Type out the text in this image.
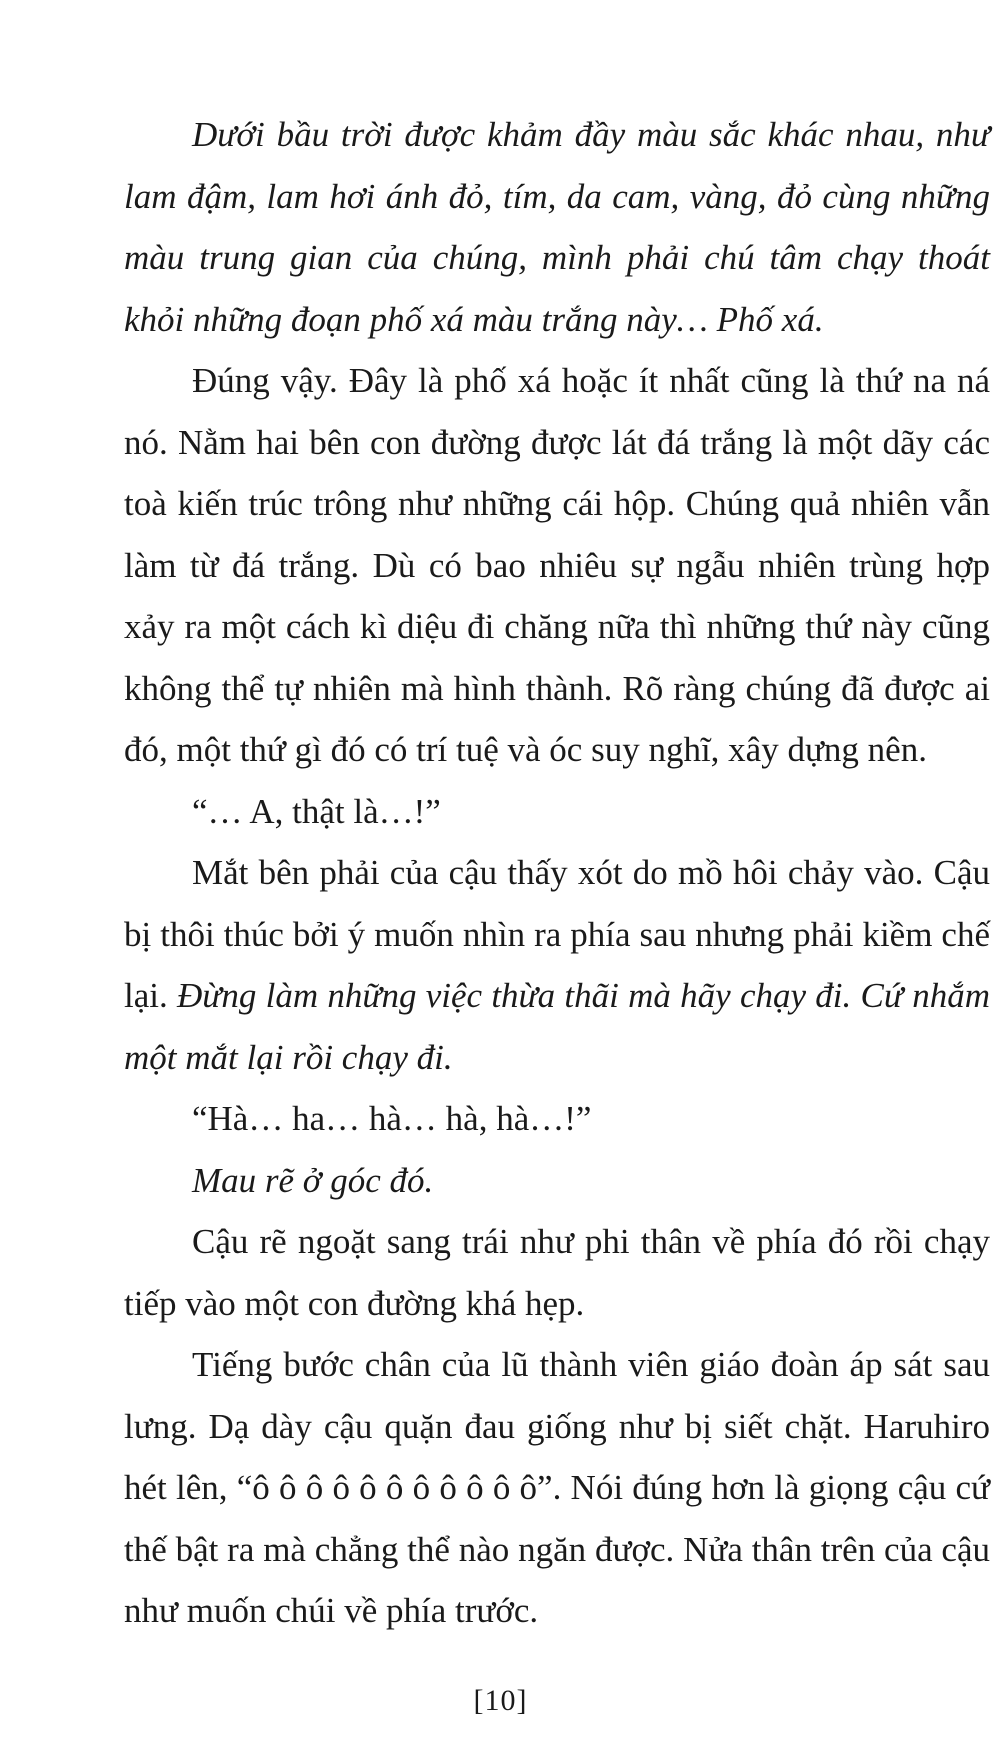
Dưới bầu trời được khảm đầy màu sắc khác nhau, như lam đậm, lam hơi ánh đỏ, tím, da cam, vàng, đỏ cùng những màu trung gian của chúng, mình phải chú tâm chạy thoát khỏi những đoạn phố xá màu trắng này… Phố xá.

Đúng vậy. Đây là phố xá hoặc ít nhất cũng là thứ na ná nó. Nằm hai bên con đường được lát đá trắng là một dãy các toà kiến trúc trông như những cái hộp. Chúng quả nhiên vẫn làm từ đá trắng. Dù có bao nhiêu sự ngẫu nhiên trùng hợp xảy ra một cách kì diệu đi chăng nữa thì những thứ này cũng không thể tự nhiên mà hình thành. Rõ ràng chúng đã được ai đó, một thứ gì đó có trí tuệ và óc suy nghĩ, xây dựng nên.

“… A, thật là…!”

Mắt bên phải của cậu thấy xót do mồ hôi chảy vào. Cậu bị thôi thúc bởi ý muốn nhìn ra phía sau nhưng phải kiềm chế lại. Đừng làm những việc thừa thãi mà hãy chạy đi. Cứ nhắm một mắt lại rồi chạy đi.

“Hà… ha… hà… hà, hà…!”

Mau rẽ ở góc đó.

Cậu rẽ ngoặt sang trái như phi thân về phía đó rồi chạy tiếp vào một con đường khá hẹp.

Tiếng bước chân của lũ thành viên giáo đoàn áp sát sau lưng. Dạ dày cậu quặn đau giống như bị siết chặt. Haruhiro hét lên, “ô ô ô ô ô ô ô ô ô ô ô”. Nói đúng hơn là giọng cậu cứ thế bật ra mà chẳng thể nào ngăn được. Nửa thân trên của cậu như muốn chúi về phía trước.

[10]
